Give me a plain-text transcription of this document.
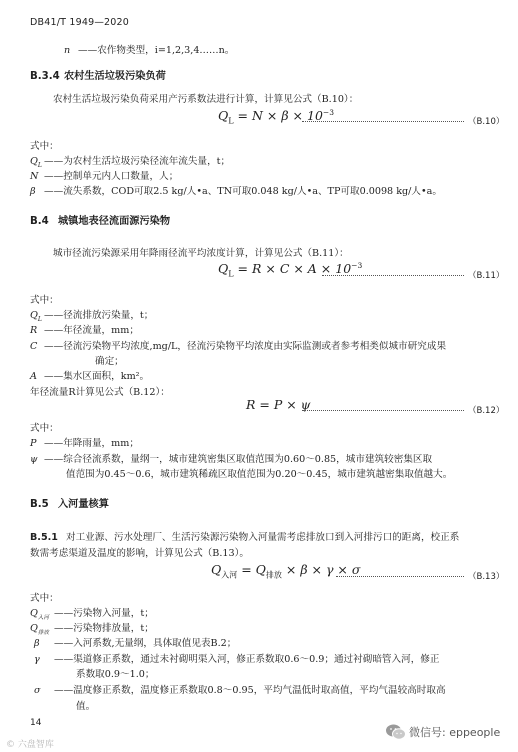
DB41/T 1949—2020
n ——农作物类型，i=1,2,3,4……n。
B.3.4 农村生活垃圾污染负荷
农村生活垃圾污染负荷采用产污系数法进行计算，计算见公式（B.10）：
$Q_L = N \times \beta \times 10^{-3}$
（B.10）
式中：
$Q_L$ ——为农村生活垃圾污染径流年流失量，t；
N ——控制单元内人口数量，人；
β ——流失系数，COD可取2.5 kg/人•a、TN可取0.048 kg/人•a、TP可取0.0098 kg/人•a。
B.4 城镇地表径流面源污染物
城市径流污染源采用年降雨径流平均浓度计算，计算见公式（B.11）：
$Q_L = R \times C \times A \times 10^{-3}$
（B.11）
式中：
$Q_L$ ——径流排放污染量，t；
R ——年径流量，mm；
C ——径流污染物平均浓度,mg/L，径流污染物平均浓度由实际监测或者参考相类似城市研究成果
确定；
A ——集水区面积，km²。
年径流量R计算见公式（B.12）：
R = P × ψ	（B.12）
式中：
P ——年降雨量，mm；
ψ ——综合径流系数，量纲一，城市建筑密集区取值范围为0.60～0.85，城市建筑较密集区取
值范围为0.45～0.6，城市建筑稀疏区取值范围为0.20～0.45，城市建筑越密集取值越大。
B.5 入河量核算
B.5.1 对工业源、污水处理厂、生活污染源污染物入河量需考虑排放口到入河排污口的距离，校正系
数需考虑渠道及温度的影响，计算见公式（B.13）。
$Q_{入河} = Q_{排放} \times \beta \times \gamma \times \sigma$	（B.13）
式中：
$Q_{入河}$ ——污染物入河量，t；
$Q_{排放}$ ——污染物排放量，t；
β ——入河系数,无量纲，具体取值见表B.2；
γ ——渠道修正系数，通过未衬砌明渠入河，修正系数取0.6～0.9；通过衬砌暗管入河，修正
系数取0.9～1.0；
σ ——温度修正系数，温度修正系数取0.8～0.95，平均气温低时取高值，平均气温较高时取高
值。
14
© 六盘智库
微信号: eppeople
